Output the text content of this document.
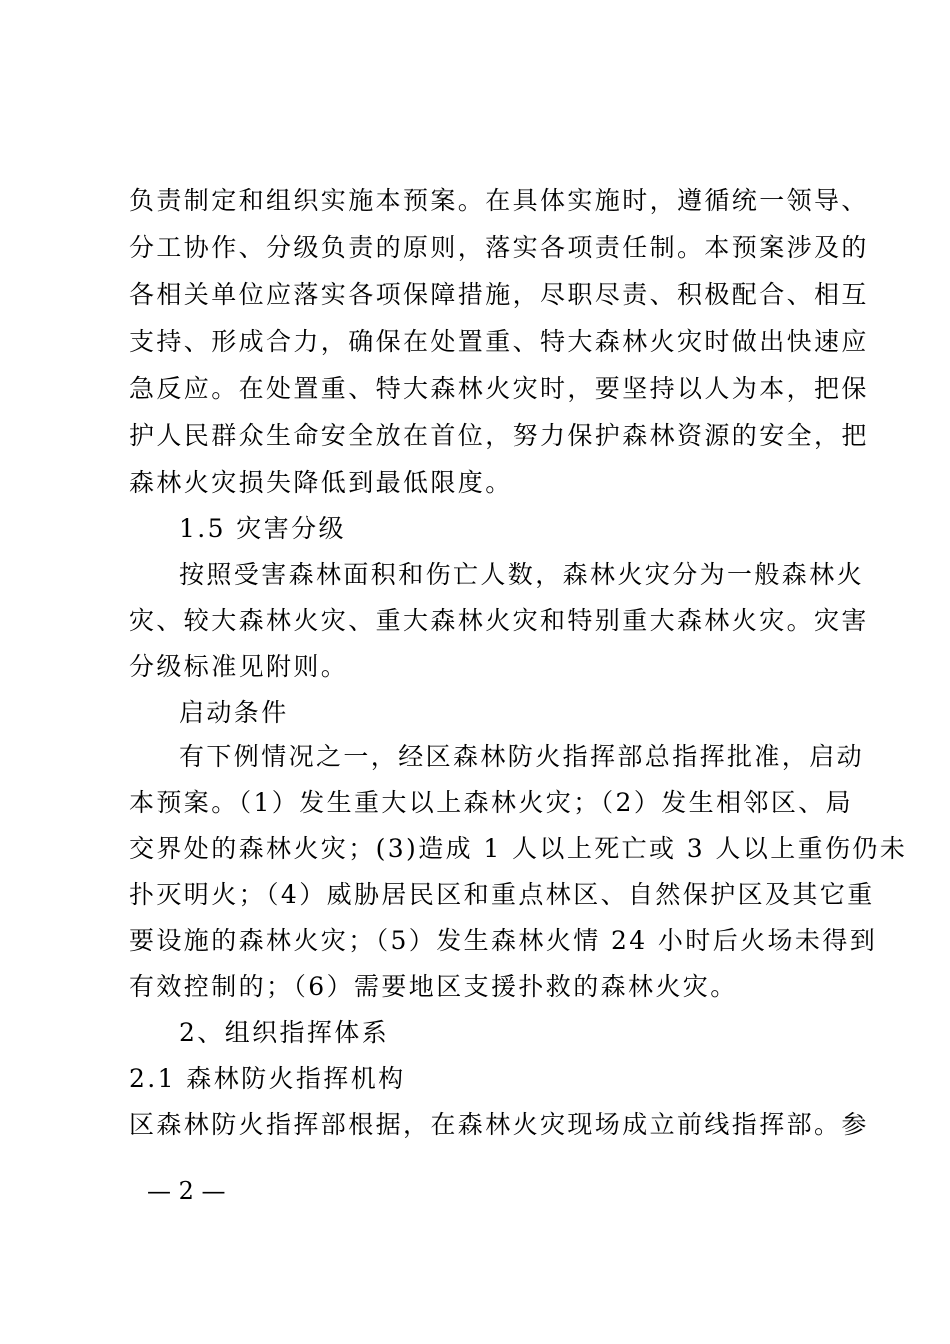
负责制定和组织实施本预案。在具体实施时，遵循统一领导、
分工协作、分级负责的原则，落实各项责任制。本预案涉及的
各相关单位应落实各项保障措施，尽职尽责、积极配合、相互
支持、形成合力，确保在处置重、特大森林火灾时做出快速应
急反应。在处置重、特大森林火灾时，要坚持以人为本，把保
护人民群众生命安全放在首位，努力保护森林资源的安全，把
森林火灾损失降低到最低限度。
1.5 灾害分级
按照受害森林面积和伤亡人数，森林火灾分为一般森林火
灾、较大森林火灾、重大森林火灾和特别重大森林火灾。灾害
分级标准见附则。
启动条件
有下例情况之一，经区森林防火指挥部总指挥批准，启动
本预案。（1）发生重大以上森林火灾；（2）发生相邻区、局
交界处的森林火灾；(3)造成 1 人以上死亡或 3 人以上重伤仍未
扑灭明火；（4）威胁居民区和重点林区、自然保护区及其它重
要设施的森林火灾；（5）发生森林火情 24 小时后火场未得到
有效控制的；（6）需要地区支援扑救的森林火灾。
2、组织指挥体系
2.1 森林防火指挥机构
区森林防火指挥部根据，在森林火灾现场成立前线指挥部。参
— 2 —
